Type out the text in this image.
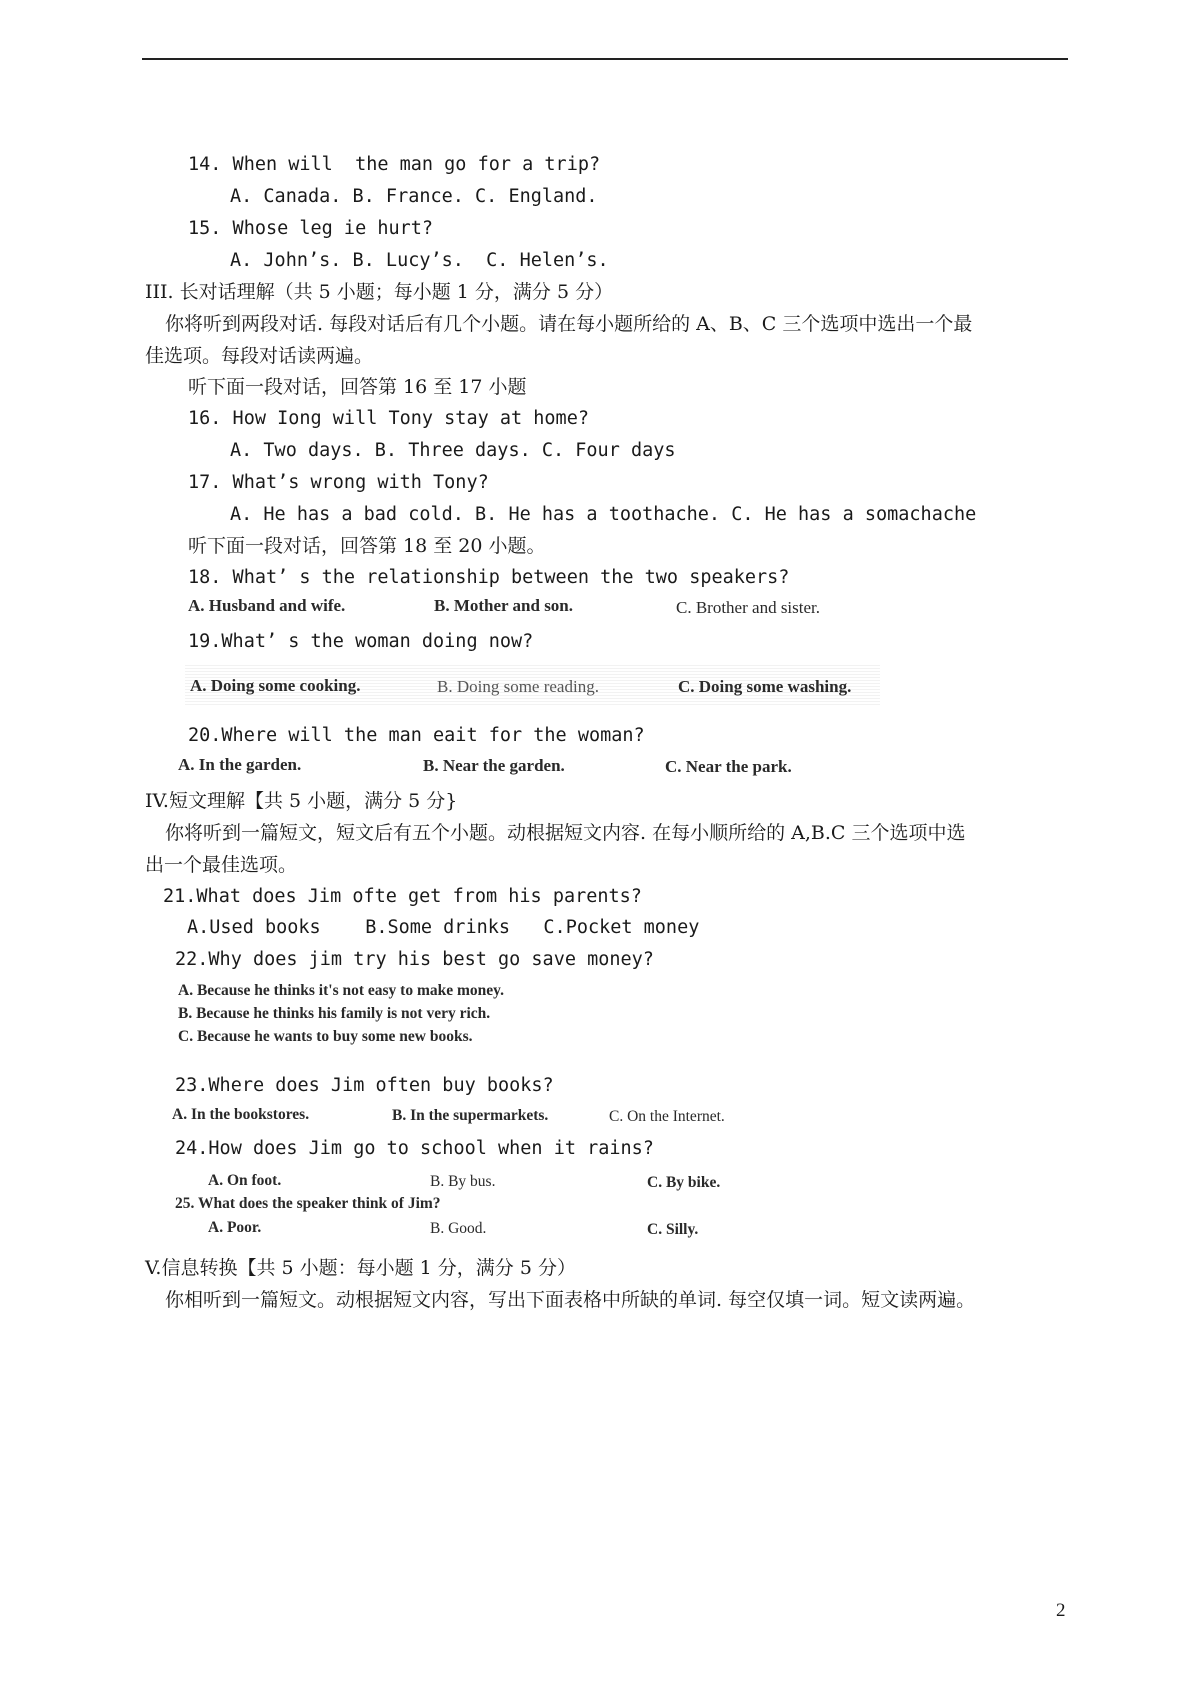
14. When will  the man go for a trip?
A. Canada. B. France. C. England.
15. Whose leg ie hurt?
A. John’s. B. Lucy’s.  C. Helen’s.
III. 长对话理解（共 5 小题；每小题 1 分，满分 5 分）
你将听到两段对话. 每段对话后有几个小题。请在每小题所给的 A、B、C 三个选项中选出一个最
佳选项。每段对话读两遍。
听下面一段对话，回答第 16 至 17 小题
16. How Iong will Tony stay at home?
A. Two days. B. Three days. C. Four days
17. What’s wrong with Tony?
A. He has a bad cold. B. He has a toothache. C. He has a somachache
听下面一段对话，回答第 18 至 20 小题。
18. What’ s the relationship between the two speakers?
A. Husband and wife.	B. Mother and son.	C. Brother and sister.
19.What’ s the woman doing now?
A. Doing some cooking.	B. Doing some reading.	C. Doing some washing.
20.Where will the man eait for the woman?
A. In the garden.	B. Near the garden.	C. Near the park.
IV.短文理解【共 5 小题，满分 5 分}
你将听到一篇短文，短文后有五个小题。动根据短文内容. 在每小顺所给的 A,B.C 三个选项中选
出一个最佳选项。
21.What does Jim ofte get from his parents?
A.Used books    B.Some drinks   C.Pocket money
22.Why does jim try his best go save money?
A. Because he thinks it's not easy to make money.
B. Because he thinks his family is not very rich.
C. Because he wants to buy some new books.
23.Where does Jim often buy books?
A. In the bookstores.	B. In the supermarkets.	C. On the Internet.
24.How does Jim go to school when it rains?
A. On foot.	B. By bus.	C. By bike.
25. What does the speaker think of Jim?
A. Poor.	B. Good.	C. Silly.
V.信息转换【共 5 小题：每小题 1 分，满分 5 分）
你相听到一篇短文。动根据短文内容，写出下面表格中所缺的单词. 每空仅填一词。短文读两遍。
2
